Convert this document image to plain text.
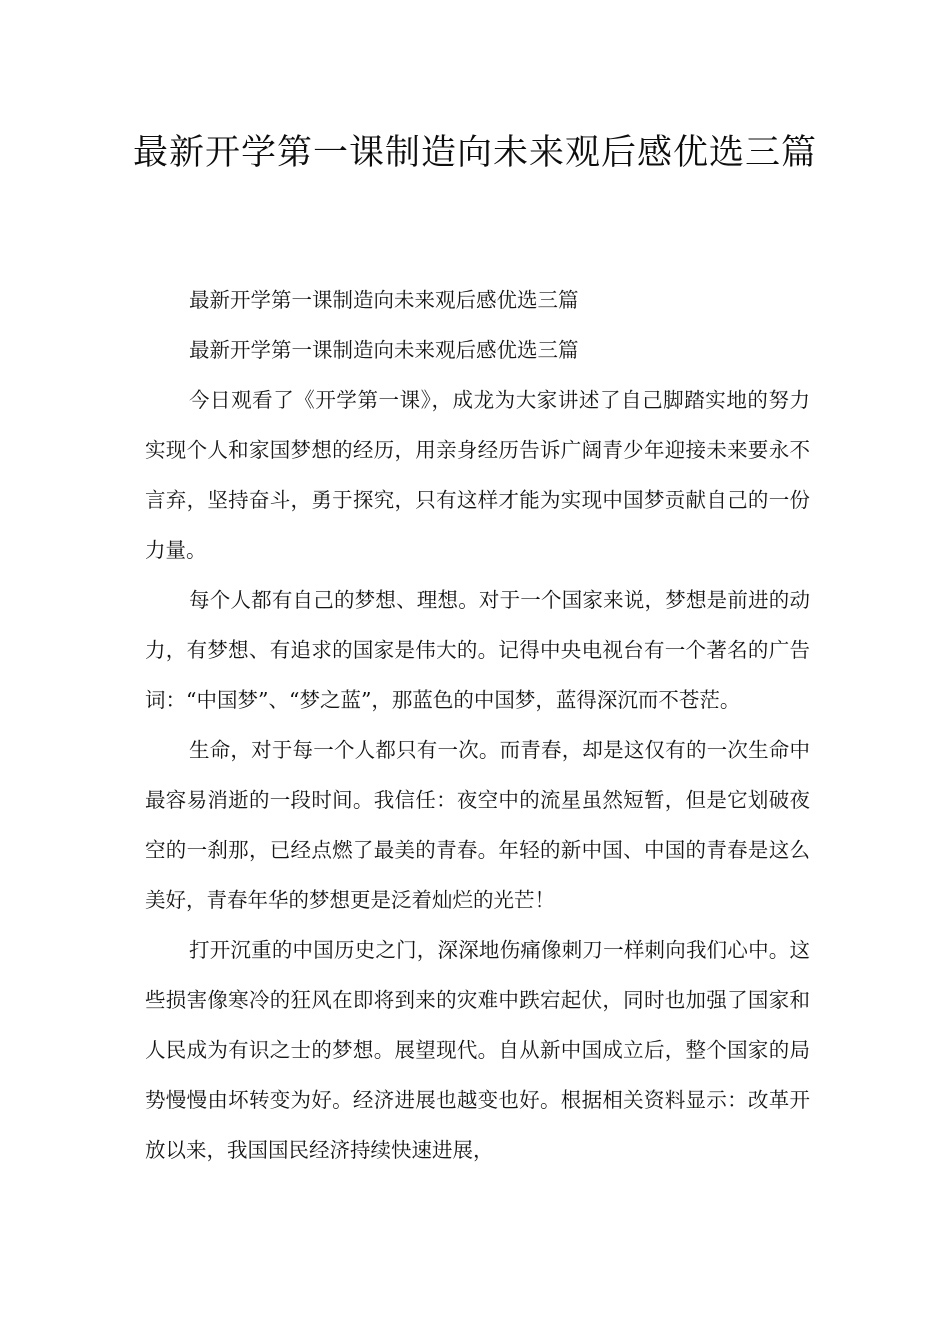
最新开学第一课制造向未来观后感优选三篇

最新开学第一课制造向未来观后感优选三篇

最新开学第一课制造向未来观后感优选三篇

今日观看了《开学第一课》，成龙为大家讲述了自己脚踏实地的努力实现个人和家国梦想的经历，用亲身经历告诉广阔青少年迎接未来要永不言弃，坚持奋斗，勇于探究，只有这样才能为实现中国梦贡献自己的一份力量。

每个人都有自己的梦想、理想。对于一个国家来说，梦想是前进的动力，有梦想、有追求的国家是伟大的。记得中央电视台有一个著名的广告词：“中国梦”、“梦之蓝”，那蓝色的中国梦，蓝得深沉而不苍茫。

生命，对于每一个人都只有一次。而青春，却是这仅有的一次生命中最容易消逝的一段时间。我信任：夜空中的流星虽然短暂，但是它划破夜空的一刹那，已经点燃了最美的青春。年轻的新中国、中国的青春是这么美好，青春年华的梦想更是泛着灿烂的光芒！

打开沉重的中国历史之门，深深地伤痛像刺刀一样刺向我们心中。这些损害像寒冷的狂风在即将到来的灾难中跌宕起伏，同时也加强了国家和人民成为有识之士的梦想。展望现代。自从新中国成立后，整个国家的局势慢慢由坏转变为好。经济进展也越变也好。根据相关资料显示：改革开放以来，我国国民经济持续快速进展，
